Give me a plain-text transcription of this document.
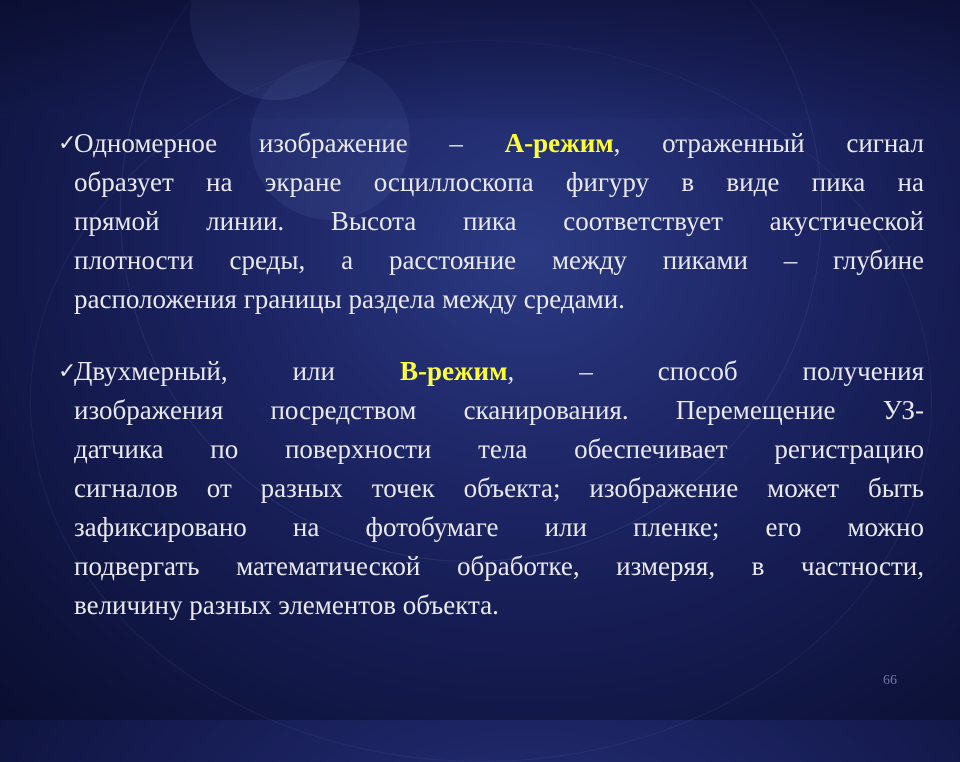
✓
Одномерное изображение – А-режим, отраженный сигнал
образует на экране осциллоскопа фигуру в виде пика на
прямой линии. Высота пика соответствует акустической
плотности среды, а расстояние между пиками – глубине
расположения границы раздела между средами.
✓
Двухмерный, или В-режим, – способ получения
изображения посредством сканирования. Перемещение УЗ-
датчика по поверхности тела обеспечивает регистрацию
сигналов от разных точек объекта; изображение может быть
зафиксировано на фотобумаге или пленке; его можно
подвергать математической обработке, измеряя, в частности,
величину разных элементов объекта.
66
